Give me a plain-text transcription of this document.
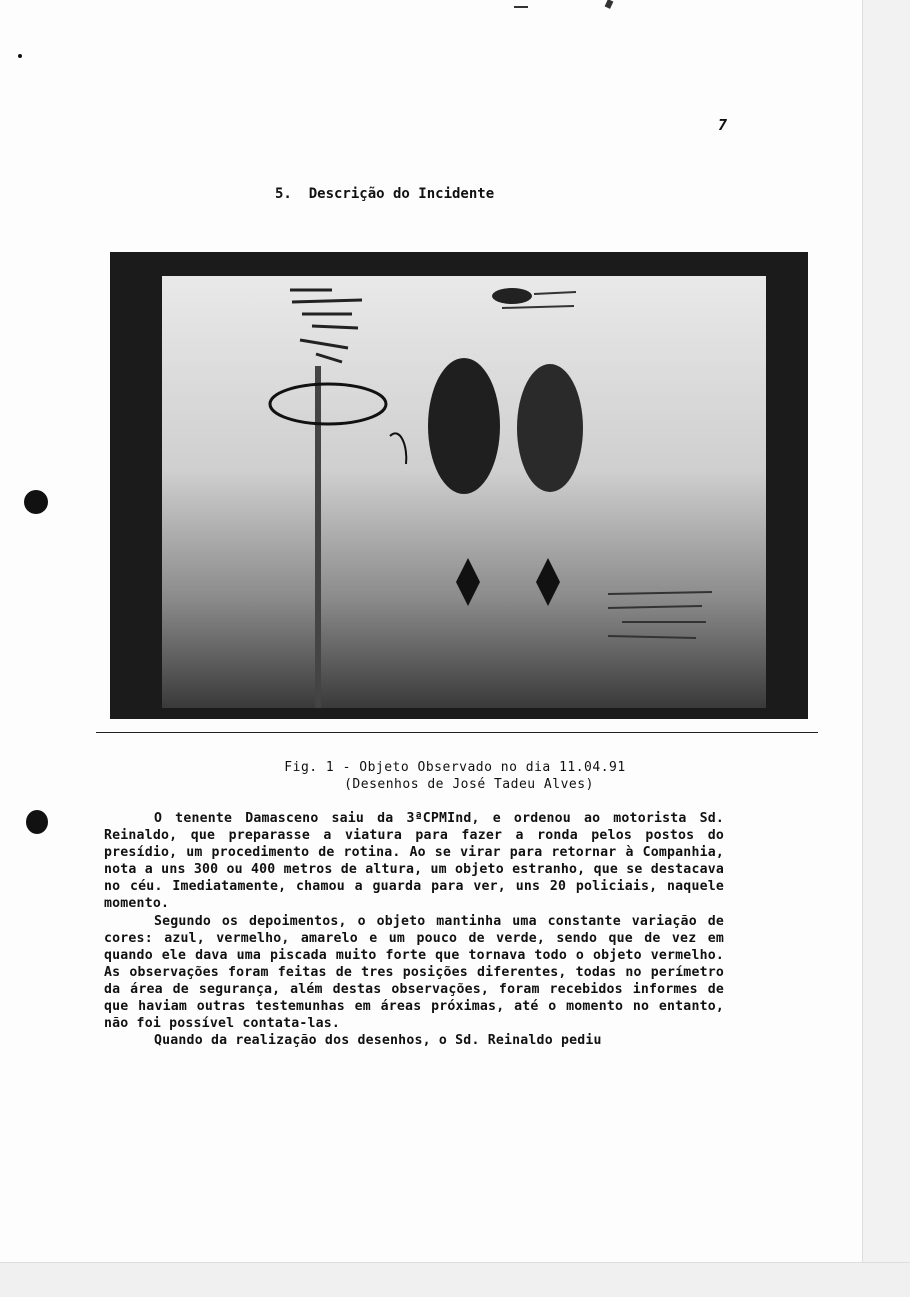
7
5.  Descrição do Incidente
Fig. 1 - Objeto Observado no dia 11.04.91
(Desenhos de José Tadeu Alves)

O tenente Damasceno saiu da 3ªCPMInd, e ordenou ao motorista Sd. Reinaldo, que preparasse a viatura para fazer a ronda pelos postos do presídio, um procedimento de rotina. Ao se virar para retornar à Companhia, nota a uns 300 ou 400 metros de altura, um objeto estranho, que se destacava no céu. Imediatamente, chamou a guarda para ver, uns 20 policiais, naquele momento.

Segundo os depoimentos, o objeto mantinha uma constante variação de cores: azul, vermelho, amarelo e um pouco de verde, sendo que de vez em quando ele dava uma piscada muito forte que tornava todo o objeto vermelho. As observações foram feitas de tres posições diferentes, todas no perímetro da área de segurança, além destas observações, foram recebidos informes de que haviam outras testemunhas em áreas próximas, até o momento no entanto, não foi possível contata-las.

Quando da realização dos desenhos, o Sd. Reinaldo pediu
